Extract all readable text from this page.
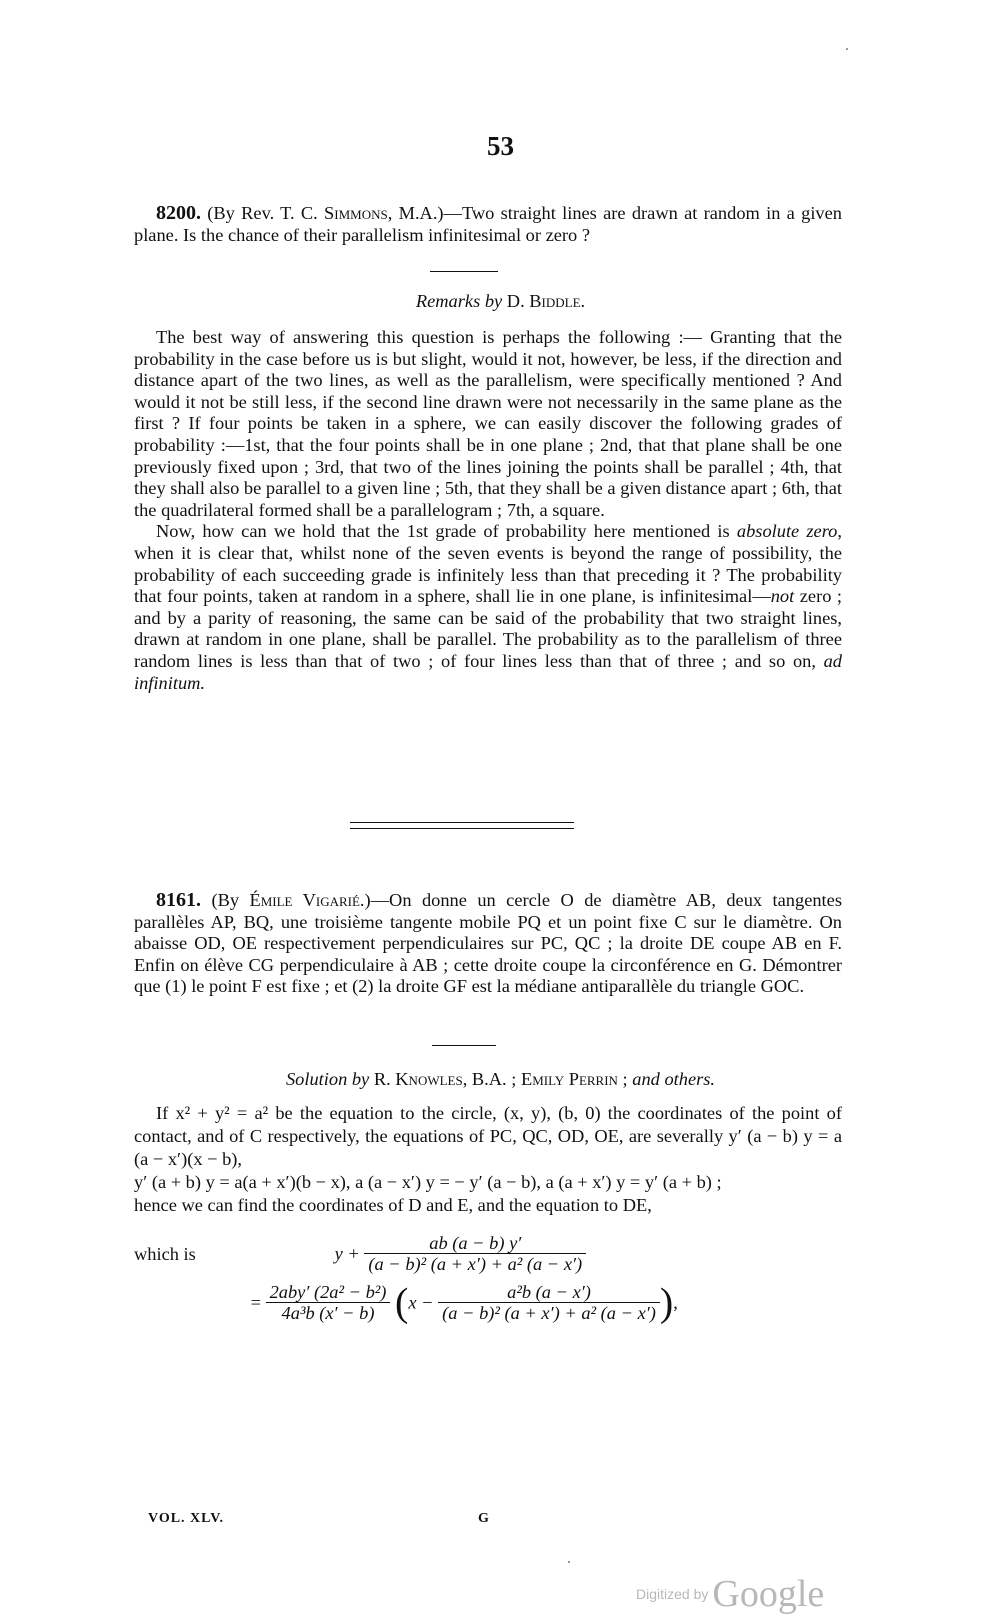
53

8200. (By Rev. T. C. Simmons, M.A.)—Two straight lines are drawn at random in a given plane. Is the chance of their parallelism infinitesimal or zero ?

Remarks by D. Biddle.

The best way of answering this question is perhaps the following :— Granting that the probability in the case before us is but slight, would it not, however, be less, if the direction and distance apart of the two lines, as well as the parallelism, were specifically mentioned ? And would it not be still less, if the second line drawn were not necessarily in the same plane as the first ? If four points be taken in a sphere, we can easily discover the following grades of probability :—1st, that the four points shall be in one plane ; 2nd, that that plane shall be one previously fixed upon ; 3rd, that two of the lines joining the points shall be parallel ; 4th, that they shall also be parallel to a given line ; 5th, that they shall be a given distance apart ; 6th, that the quadrilateral formed shall be a parallelogram ; 7th, a square.

Now, how can we hold that the 1st grade of probability here mentioned is absolute zero, when it is clear that, whilst none of the seven events is beyond the range of possibility, the probability of each succeeding grade is infinitely less than that preceding it ? The probability that four points, taken at random in a sphere, shall lie in one plane, is infinitesimal—not zero ; and by a parity of reasoning, the same can be said of the probability that two straight lines, drawn at random in one plane, shall be parallel. The probability as to the parallelism of three random lines is less than that of two ; of four lines less than that of three ; and so on, ad infinitum.

8161. (By Émile Vigarié.)—On donne un cercle O de diamètre AB, deux tangentes parallèles AP, BQ, une troisième tangente mobile PQ et un point fixe C sur le diamètre. On abaisse OD, OE respectivement perpendiculaires sur PC, QC ; la droite DE coupe AB en F. Enfin on élève CG perpendiculaire à AB ; cette droite coupe la circonférence en G. Démontrer que (1) le point F est fixe ; et (2) la droite GF est la médiane antiparallèle du triangle GOC.

Solution by R. Knowles, B.A. ; Emily Perrin ; and others.

If x² + y² = a² be the equation to the circle, (x, y), (b, 0) the coordinates of the point of contact, and of C respectively, the equations of PC, QC, OD, OE, are severally y′ (a − b) y = a (a − x′)(x − b),

y′ (a + b) y = a(a + x′)(b − x), a (a − x′) y = − y′ (a − b), a (a + x′) y = y′ (a + b) ;

hence we can find the coordinates of D and E, and the equation to DE,

which is	$y + \frac{ab (a - b) y'}{\text{(a − b)² (a + x′) + a² (a − x′)}}$
= $\frac{\text{2aby′ (2a² − b²)}}{\text{4a³b (x′ − b)}} (x - \frac{\text{a²b (a − x′)}}{\text{(a − b)² (a + x′) + a² (a − x′)}}$ ),
VOL. XLV.	G
Digitized by Google
